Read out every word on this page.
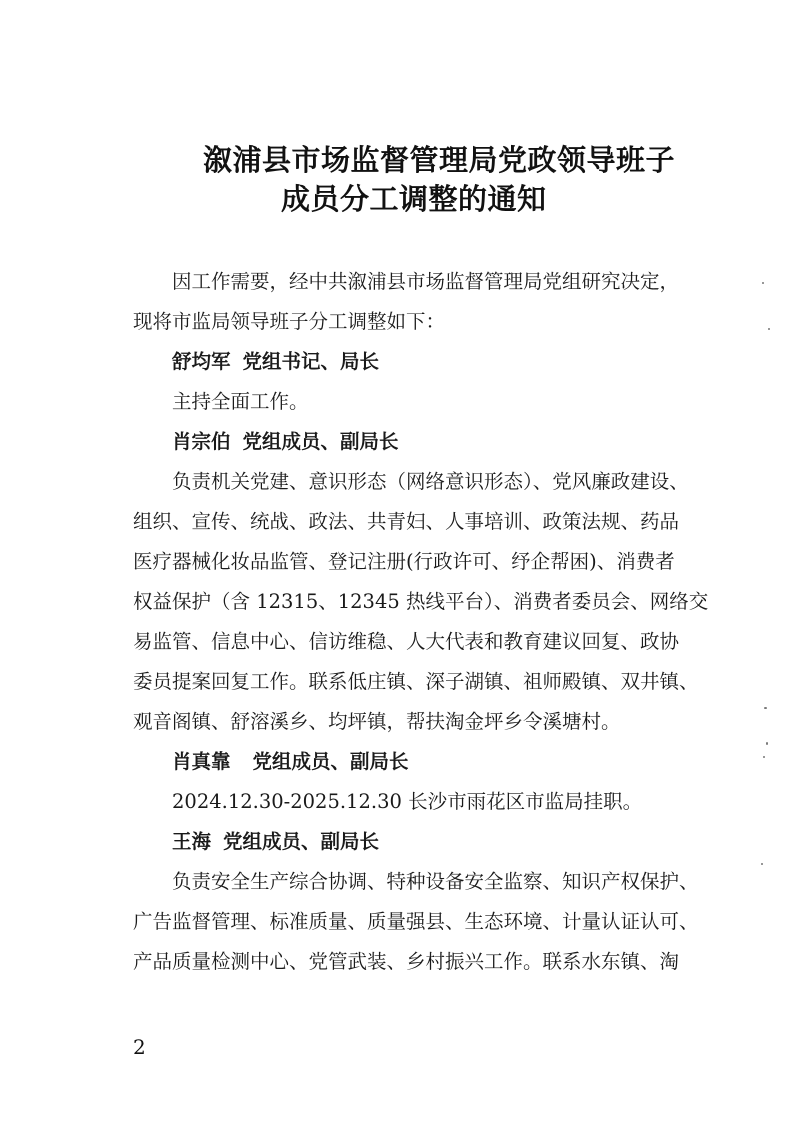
溆浦县市场监督管理局党政领导班子
成员分工调整的通知
因工作需要，经中共溆浦县市场监督管理局党组研究决定，
现将市监局领导班子分工调整如下：
舒均军 党组书记、局长
主持全面工作。
肖宗伯 党组成员、副局长
负责机关党建、意识形态（网络意识形态）、党风廉政建设、
组织、宣传、统战、政法、共青妇、人事培训、政策法规、药品
医疗器械化妆品监管、登记注册(行政许可、纾企帮困)、消费者
权益保护（含 12315、12345 热线平台）、消费者委员会、网络交
易监管、信息中心、信访维稳、人大代表和教育建议回复、政协
委员提案回复工作。联系低庄镇、深子湖镇、祖师殿镇、双井镇、
观音阁镇、舒溶溪乡、均坪镇，帮扶淘金坪乡令溪塘村。
肖真靠 党组成员、副局长
2024.12.30-2025.12.30 长沙市雨花区市监局挂职。
王海 党组成员、副局长
负责安全生产综合协调、特种设备安全监察、知识产权保护、
广告监督管理、标准质量、质量强县、生态环境、计量认证认可、
产品质量检测中心、党管武装、乡村振兴工作。联系水东镇、淘
2
